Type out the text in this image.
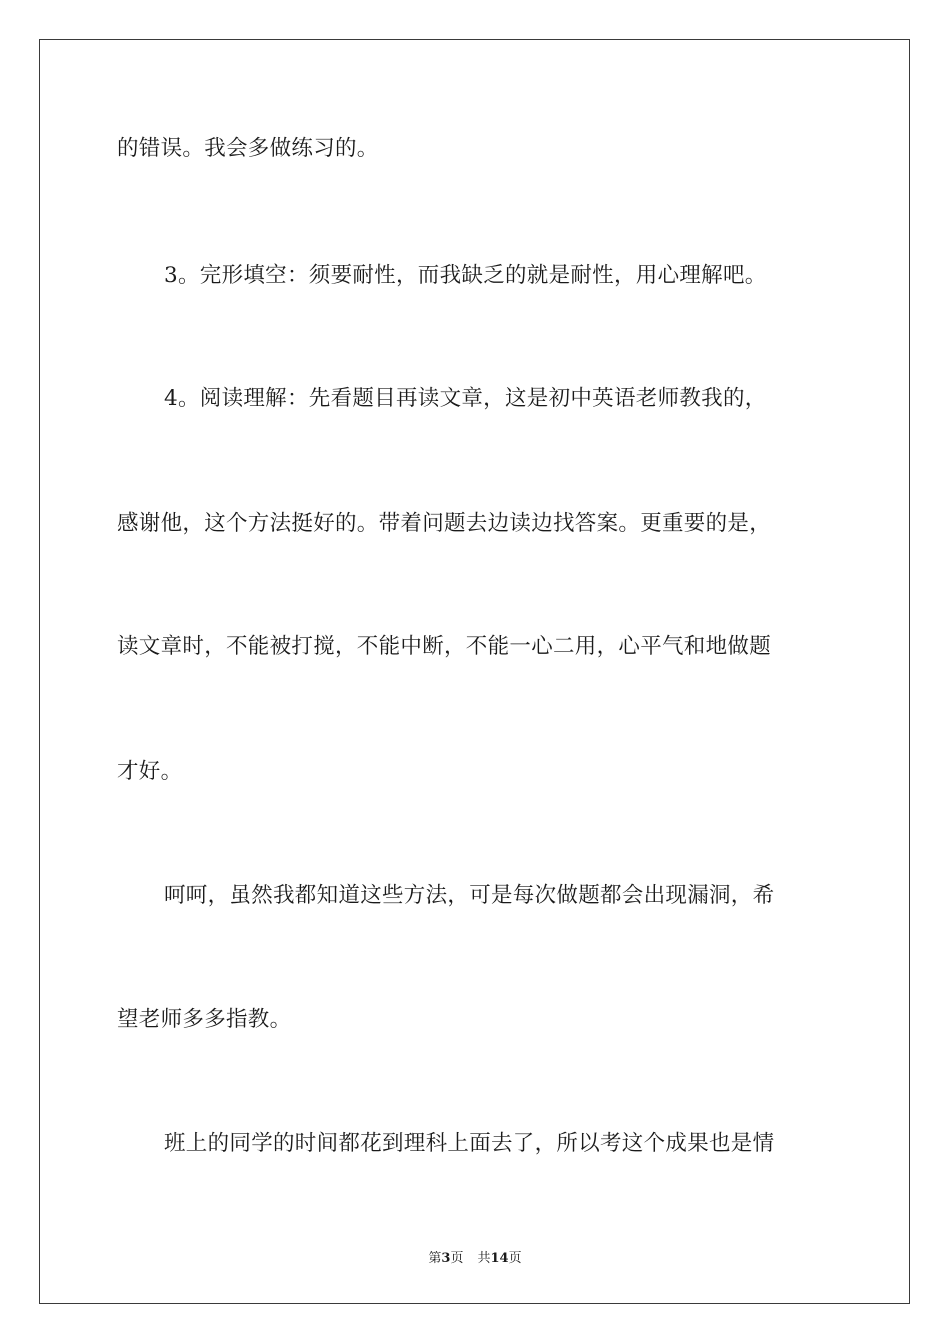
的错误。我会多做练习的。
3。完形填空：须要耐性，而我缺乏的就是耐性，用心理解吧。
4。阅读理解：先看题目再读文章，这是初中英语老师教我的，
感谢他，这个方法挺好的。带着问题去边读边找答案。更重要的是，
读文章时，不能被打搅，不能中断，不能一心二用，心平气和地做题
才好。
呵呵，虽然我都知道这些方法，可是每次做题都会出现漏洞，希
望老师多多指教。
班上的同学的时间都花到理科上面去了，所以考这个成果也是情
第3页 共14页
